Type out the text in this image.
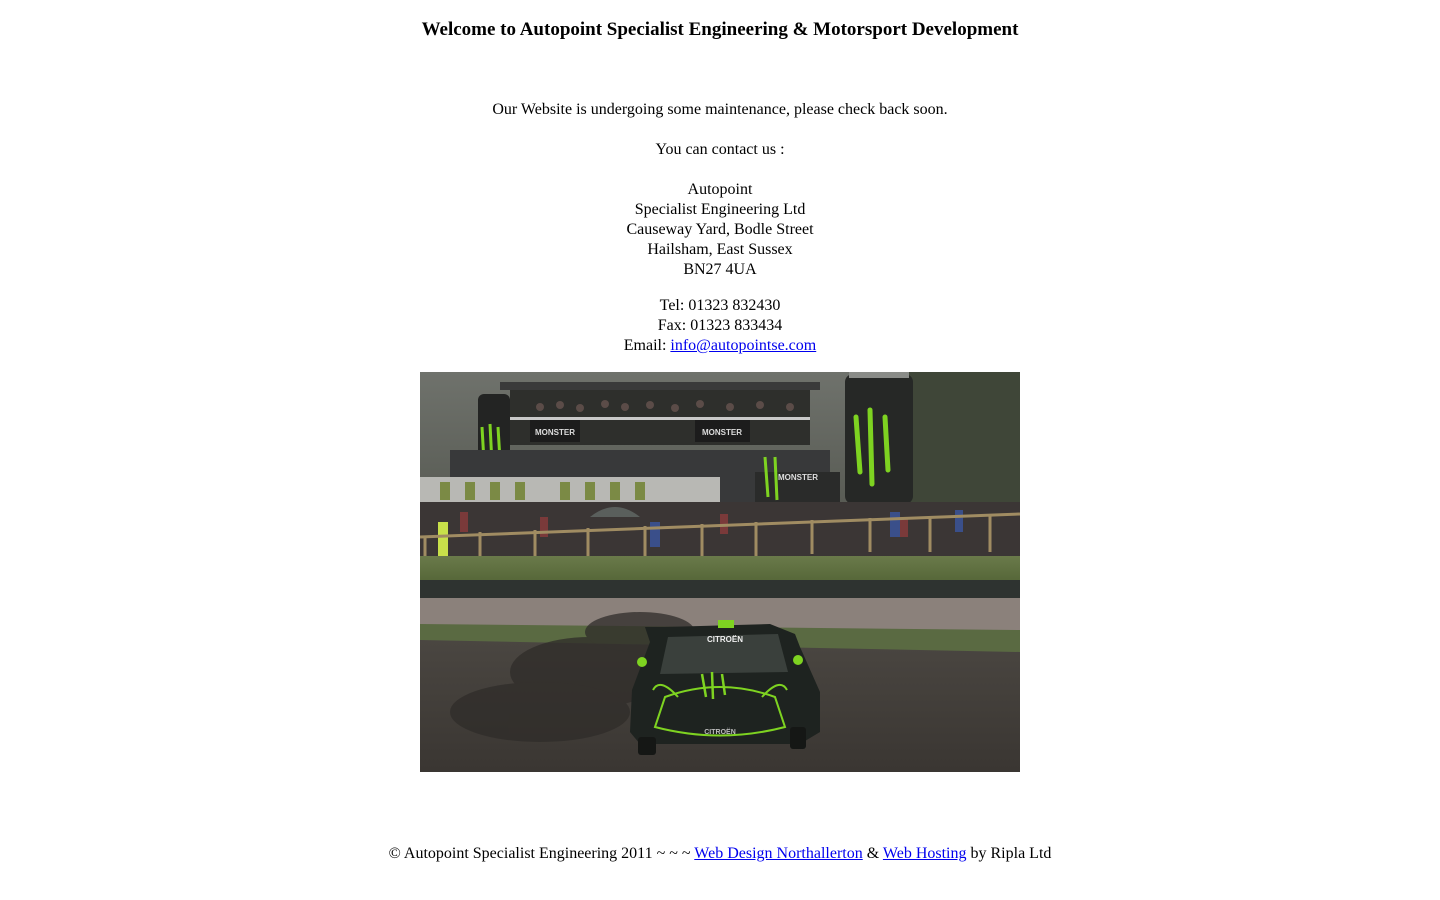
Welcome to Autopoint Specialist Engineering & Motorsport Development
Our Website is undergoing some maintenance, please check back soon.
You can contact us :
Autopoint
Specialist Engineering Ltd
Causeway Yard, Bodle Street
Hailsham, East Sussex
BN27 4UA
Tel: 01323 832430
Fax: 01323 833434
Email: info@autopointse.com
MONSTER	MONSTER
MONSTER
CITROËN
CITROËN
© Autopoint Specialist Engineering 2011 ~ ~ ~ Web Design Northallerton & Web Hosting by Ripla Ltd
